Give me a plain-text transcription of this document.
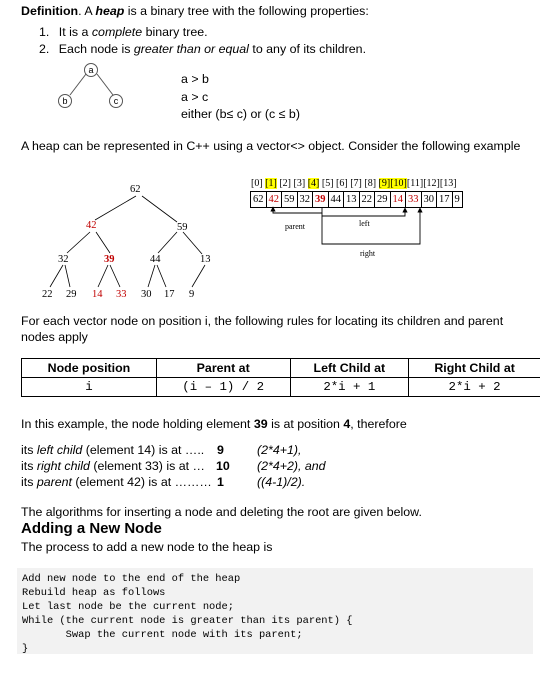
Definition. A heap is a binary tree with the following properties:
1. It is a complete binary tree.
2. Each node is greater than or equal to any of its children.
a
b	c
a > b
a > c
either (b≤ c) or (c ≤ b)
A heap can be represented in C++ using a vector<> object. Consider the following example
62
42	59
32	39	44	13
22 29 14 33 30 17 9
[0] [1] [2] [3] [4] [5] [6] [7] [8] [9][10][11][12][13]
62 42 59 32 39 44 13 22 29 14 33 30 17 9
parent	left
right
For each vector node on position i, the following rules for locating its children and parent nodes apply
Node position	Parent at	Left Child at	Right Child at
i	(i – 1) / 2	2*i + 1	2*i + 2
In this example, the node holding element 39 is at position 4, therefore
its left child (element 14) is at ….. 9	(2*4+1),
its right child (element 33) is at … 10 (2*4+2), and
its parent (element 42) is at ……… 1	((4-1)/2).
The algorithms for inserting a node and deleting the root are given below.
Adding a New Node
The process to add a new node to the heap is
Add new node to the end of the heap
Rebuild heap as follows
Let last node be the current node;
While (the current node is greater than its parent) {
Swap the current node with its parent;
}
